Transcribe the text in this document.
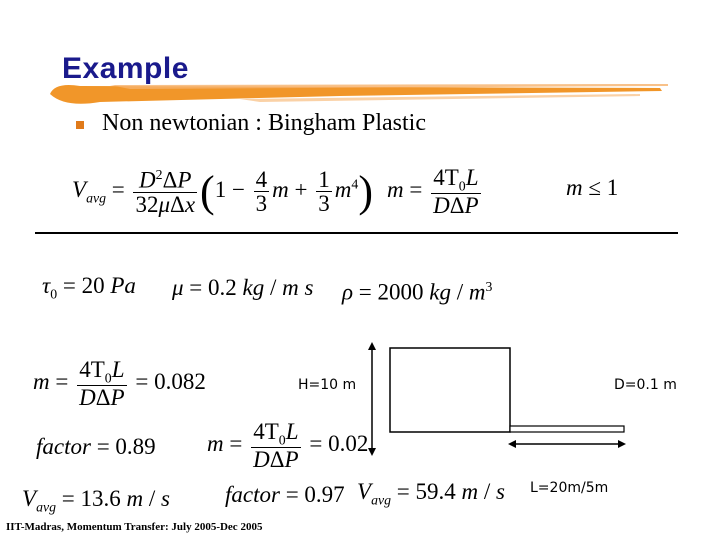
Example
Non newtonian : Bingham Plastic
$V_{avg} = \frac{D^2\Delta P}{\text{32μΔx}} (1 - \frac{4}{3}$ $m + \frac{1}{3} m^4$) $m = \frac{4T_0L}{\text{DΔP}}$	m ≤ 1
$\tau_0 = 20$ Pa μ = 0.2 kg / m s ρ = 2000 kg / $m^3$
$m = \frac{4T_0L}{\text{DΔP}} = 0.082$
factor = 0.89
$V_{avg} = 13.6$ m / s
$m = \frac{4T_0L}{\text{DΔP}} = 0.02$
factor = 0.97 $V_{avg} = 59.4$ m / s
H=10 m	D=0.1 m
L=20m/5m
IIT-Madras, Momentum Transfer: July 2005-Dec 2005
